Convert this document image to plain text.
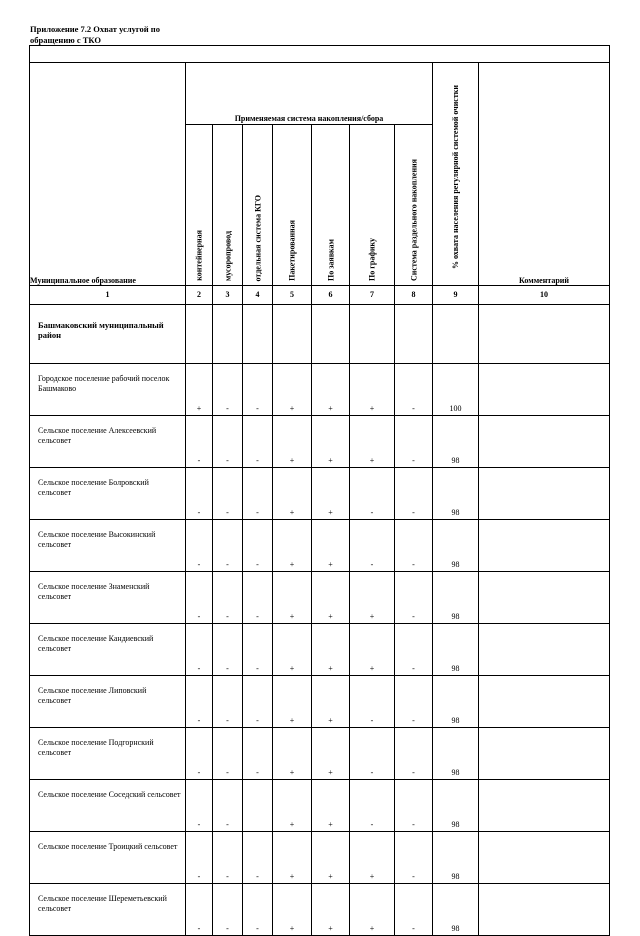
Приложение 7.2 Охват услугой по обращению с ТКО

Муниципальное образование	Применяемая система накопления/сбора							% охвата населения регулярной системой очистки	Комментарий

	контейнерная	мусоропровод	отдельная система КГО	Пакетированная	По заявкам	По графику	Система раздельного накопления		

1	2	3	4	5	6	7	8	9	10
Башмаковский муниципальный район									
Городское поселение рабочий поселок Башмаково	+	-	-	+	+	+	-	100	
Сельское поселение Алексеевский сельсовет	-	-	-	+	+	+	-	98	
Сельское поселение Болровский сельсовет	-	-	-	+	+	-	-	98	
Сельское поселение Высокинский сельсовет	-	-	-	+	+	-	-	98	
Сельское поселение Знаменский сельсовет	-	-	-	+	+	+	-	98	
Сельское поселение Кандиевский сельсовет	-	-	-	+	+	+	-	98	
Сельское поселение Липовский сельсовет	-	-	-	+	+	-	-	98	
Сельское поселение Подгорнский сельсовет	-	-	-	+	+	-	-	98	
Сельское поселение Соседский сельсовет	-	-		+	+	-	-	98	
Сельское поселение Троицкий сельсовет	-	-	-	+	+	+	-	98	
Сельское поселение Шереметьевский сельсовет	-	-	-	+	+	+	-	98	
